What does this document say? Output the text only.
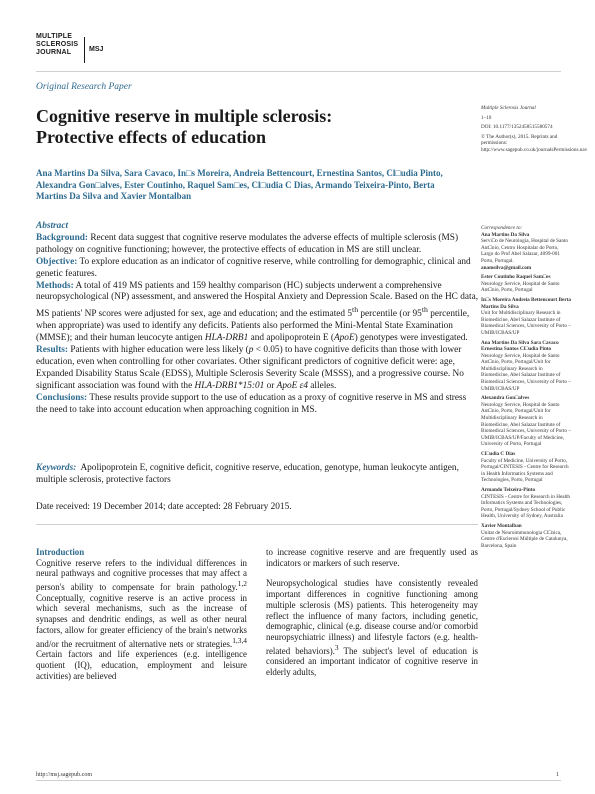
MULTIPLE
SCLEROSIS
JOURNAL	MSJ
Original Research Paper
Cognitive reserve in multiple sclerosis:
Protective effects of education
Ana Martins Da Silva, Sara Cavaco, In□s Moreira, Andreia Bettencourt, Ernestina Santos, Cl□udia Pinto, Alexandra Gon□alves, Ester Coutinho, Raquel Sam□es, Cl□udia C Dias, Armando Teixeira-Pinto, Berta Martins Da Silva and Xavier Montalban

Abstract

Background: Recent data suggest that cognitive reserve modulates the adverse effects of multiple sclerosis (MS) pathology on cognitive functioning; however, the protective effects of education in MS are still unclear.

Objective: To explore education as an indicator of cognitive reserve, while controlling for demographic, clinical and genetic features.

Methods: A total of 419 MS patients and 159 healthy comparison (HC) subjects underwent a comprehensive neuropsychological (NP) assessment, and answered the Hospital Anxiety and Depression Scale. Based on the HC data, MS patients' NP scores were adjusted for sex, age and education; and the estimated 5th percentile (or 95th percentile, when appropriate) was used to identify any deficits. Patients also performed the Mini-Mental State Examination (MMSE); and their human leucocyte antigen HLA-DRB1 and apolipoprotein E (ApoE) genotypes were investigated.

Results: Patients with higher education were less likely (p < 0.05) to have cognitive deficits than those with lower education, even when controlling for other covariates. Other significant predictors of cognitive deficit were: age, Expanded Disability Status Scale (EDSS), Multiple Sclerosis Severity Scale (MSSS), and a progressive course. No significant association was found with the HLA-DRB1*15:01 or ApoE ε4 alleles.

Conclusions: These results provide support to the use of education as a proxy of cognitive reserve in MS and stress the need to take into account education when approaching cognition in MS.

Keywords: Apolipoprotein E, cognitive deficit, cognitive reserve, education, genotype, human leukocyte antigen, multiple sclerosis, protective factors
Date received: 19 December 2014; date accepted: 28 February 2015.
Introduction

Cognitive reserve refers to the individual differences in neural pathways and cognitive processes that may affect a person's ability to compensate for brain pathology.$^{1,2}$ Conceptually, cognitive reserve is an active process in which several mechanisms, such as the increase of synapses and dendritic endings, as well as other neural factors, allow for greater efficiency of the brain's networks and/or the recruitment of alternative nets or strategies.$^{1,3,4}$ Certain factors and life experiences (e.g. intelligence quotient (IQ), education, employment and leisure activities) are believed

to increase cognitive reserve and are frequently used as indicators or markers of such reserve.

Neuropsychological studies have consistently revealed important differences in cognitive functioning among multiple sclerosis (MS) patients. This heterogeneity may reflect the influence of many factors, including genetic, demographic, clinical (e.g. disease course and/or comorbid neuropsychiatric illness) and lifestyle factors (e.g. health-related behaviors).$^3$ The subject's level of education is considered an important indicator of cognitive reserve in elderly adults,

Multiple Sclerosis Journal

1–10

DOI: 10.1177/1352458515580574

© The Author(s), 2015. Reprints and permissions: http://www.sagepub.co.uk/journalsPermissions.nav

Correspondence to:
Ana Martins Da Silva
Servi□o de Neurologia, Hospital de Santo Ant□nio, Centro Hospitalar do Porto, Largo do Prof Abel Salazar, 4099-001 Porto, Portugal.
anamsilva@gmail.com

Ester Coutinho Raquel Sam□es
Neurology Service, Hospital de Santo Ant□nio, Porto, Portugal

In□s Moreira Andreia Bettencourt Berta Martins Da Silva
Unit for Multidisciplinary Research in Biomedicine, Abel Salazar Institute of Biomedical Sciences, University of Porto – UMIB/ICBAS/UP

Ana Martins Da Silva Sara Cavaco Ernestina Santos Cl□udia Pinto
Neurology Service, Hospital de Santo Ant□nio, Porto, Portugal/Unit for Multidisciplinary Research in Biomedicine, Abel Salazar Institute of Biomedical Sciences, University of Porto – UMIB/ICBAS/UP

Alexandra Gon□alves
Neurology Service, Hospital de Santo Ant□nio, Porto, Portugal/Unit for Multidisciplinary Research in Biomedicine, Abel Salazar Institute of Biomedical Sciences, University of Porto – UMIB/ICBAS/UP/Faculty of Medicine, University of Porto, Portugal

Cl□udia C Dias
Faculty of Medicine, University of Porto, Portugal/CINTESIS - Centre for Research in Health Informatics Systems and Technologies, Porto, Portugal

Armando Teixeira-Pinto
CINTESIS - Centre for Research in Health Informatics Systems and Technologies, Porto, Portugal/Sydney School of Public Health, University of Sydney, Australia

Xavier Montalban
Unitat de Neuroimmunologia Cl□nica, Centre d'Esclerosi Múltiple de Catalunya, Barcelona, Spain

http://msj.sagepub.com	1
